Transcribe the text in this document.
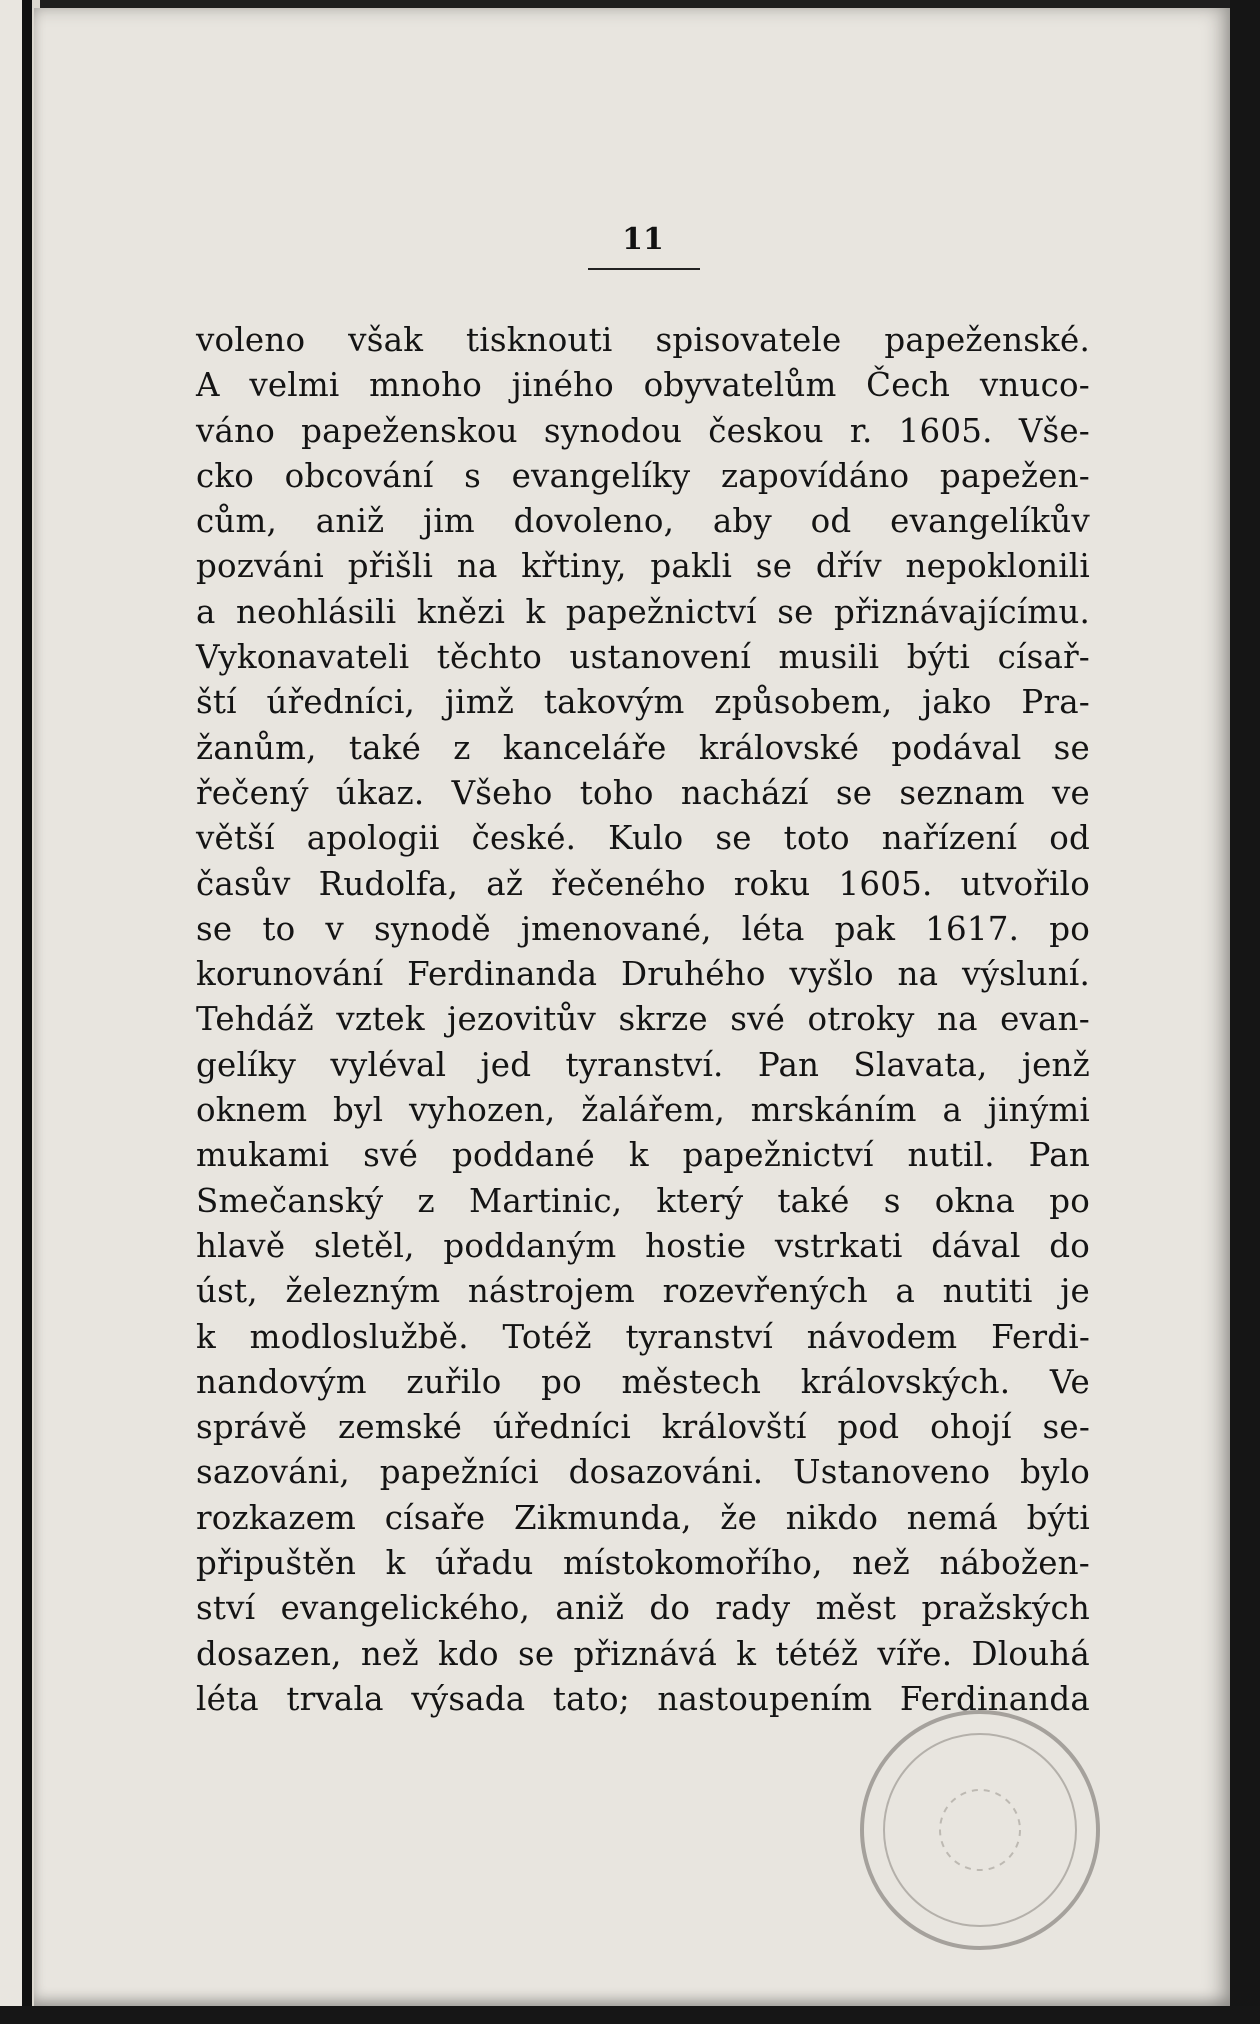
11
voleno však tisknouti spisovatele papeženské.
A velmi mnoho jiného obyvatelům Čech vnuco-
váno papeženskou synodou českou r. 1605. Vše-
cko obcování s evangelíky zapovídáno papežen-
cům, aniž jim dovoleno, aby od evangelíkův
pozváni přišli na křtiny, pakli se dřív nepoklonili
a neohlásili knězi k papežnictví se přiznávajícímu.
Vykonavateli těchto ustanovení musili býti císař-
ští úředníci, jimž takovým způsobem, jako Pra-
žanům, také z kanceláře královské podával se
řečený úkaz. Všeho toho nachází se seznam ve
větší apologii české. Kulo se toto nařízení od
časův Rudolfa, až řečeného roku 1605. utvořilo
se to v synodě jmenované, léta pak 1617. po
korunování Ferdinanda Druhého vyšlo na výsluní.
Tehdáž vztek jezovitův skrze své otroky na evan-
gelíky vyléval jed tyranství. Pan Slavata, jenž
oknem byl vyhozen, žalářem, mrskáním a jinými
mukami své poddané k papežnictví nutil. Pan
Smečanský z Martinic, který také s okna po
hlavě sletěl, poddaným hostie vstrkati dával do
úst, železným nástrojem rozevřených a nutiti je
k modloslužbě. Totéž tyranství návodem Ferdi-
nandovým zuřilo po městech královských. Ve
správě zemské úředníci královští pod ohojí se-
sazováni, papežníci dosazováni. Ustanoveno bylo
rozkazem císaře Zikmunda, že nikdo nemá býti
připuštěn k úřadu místokomořího, než nábožen-
ství evangelického, aniž do rady měst pražských
dosazen, než kdo se přiznává k tétéž víře. Dlouhá
léta trvala výsada tato; nastoupením Ferdinanda
